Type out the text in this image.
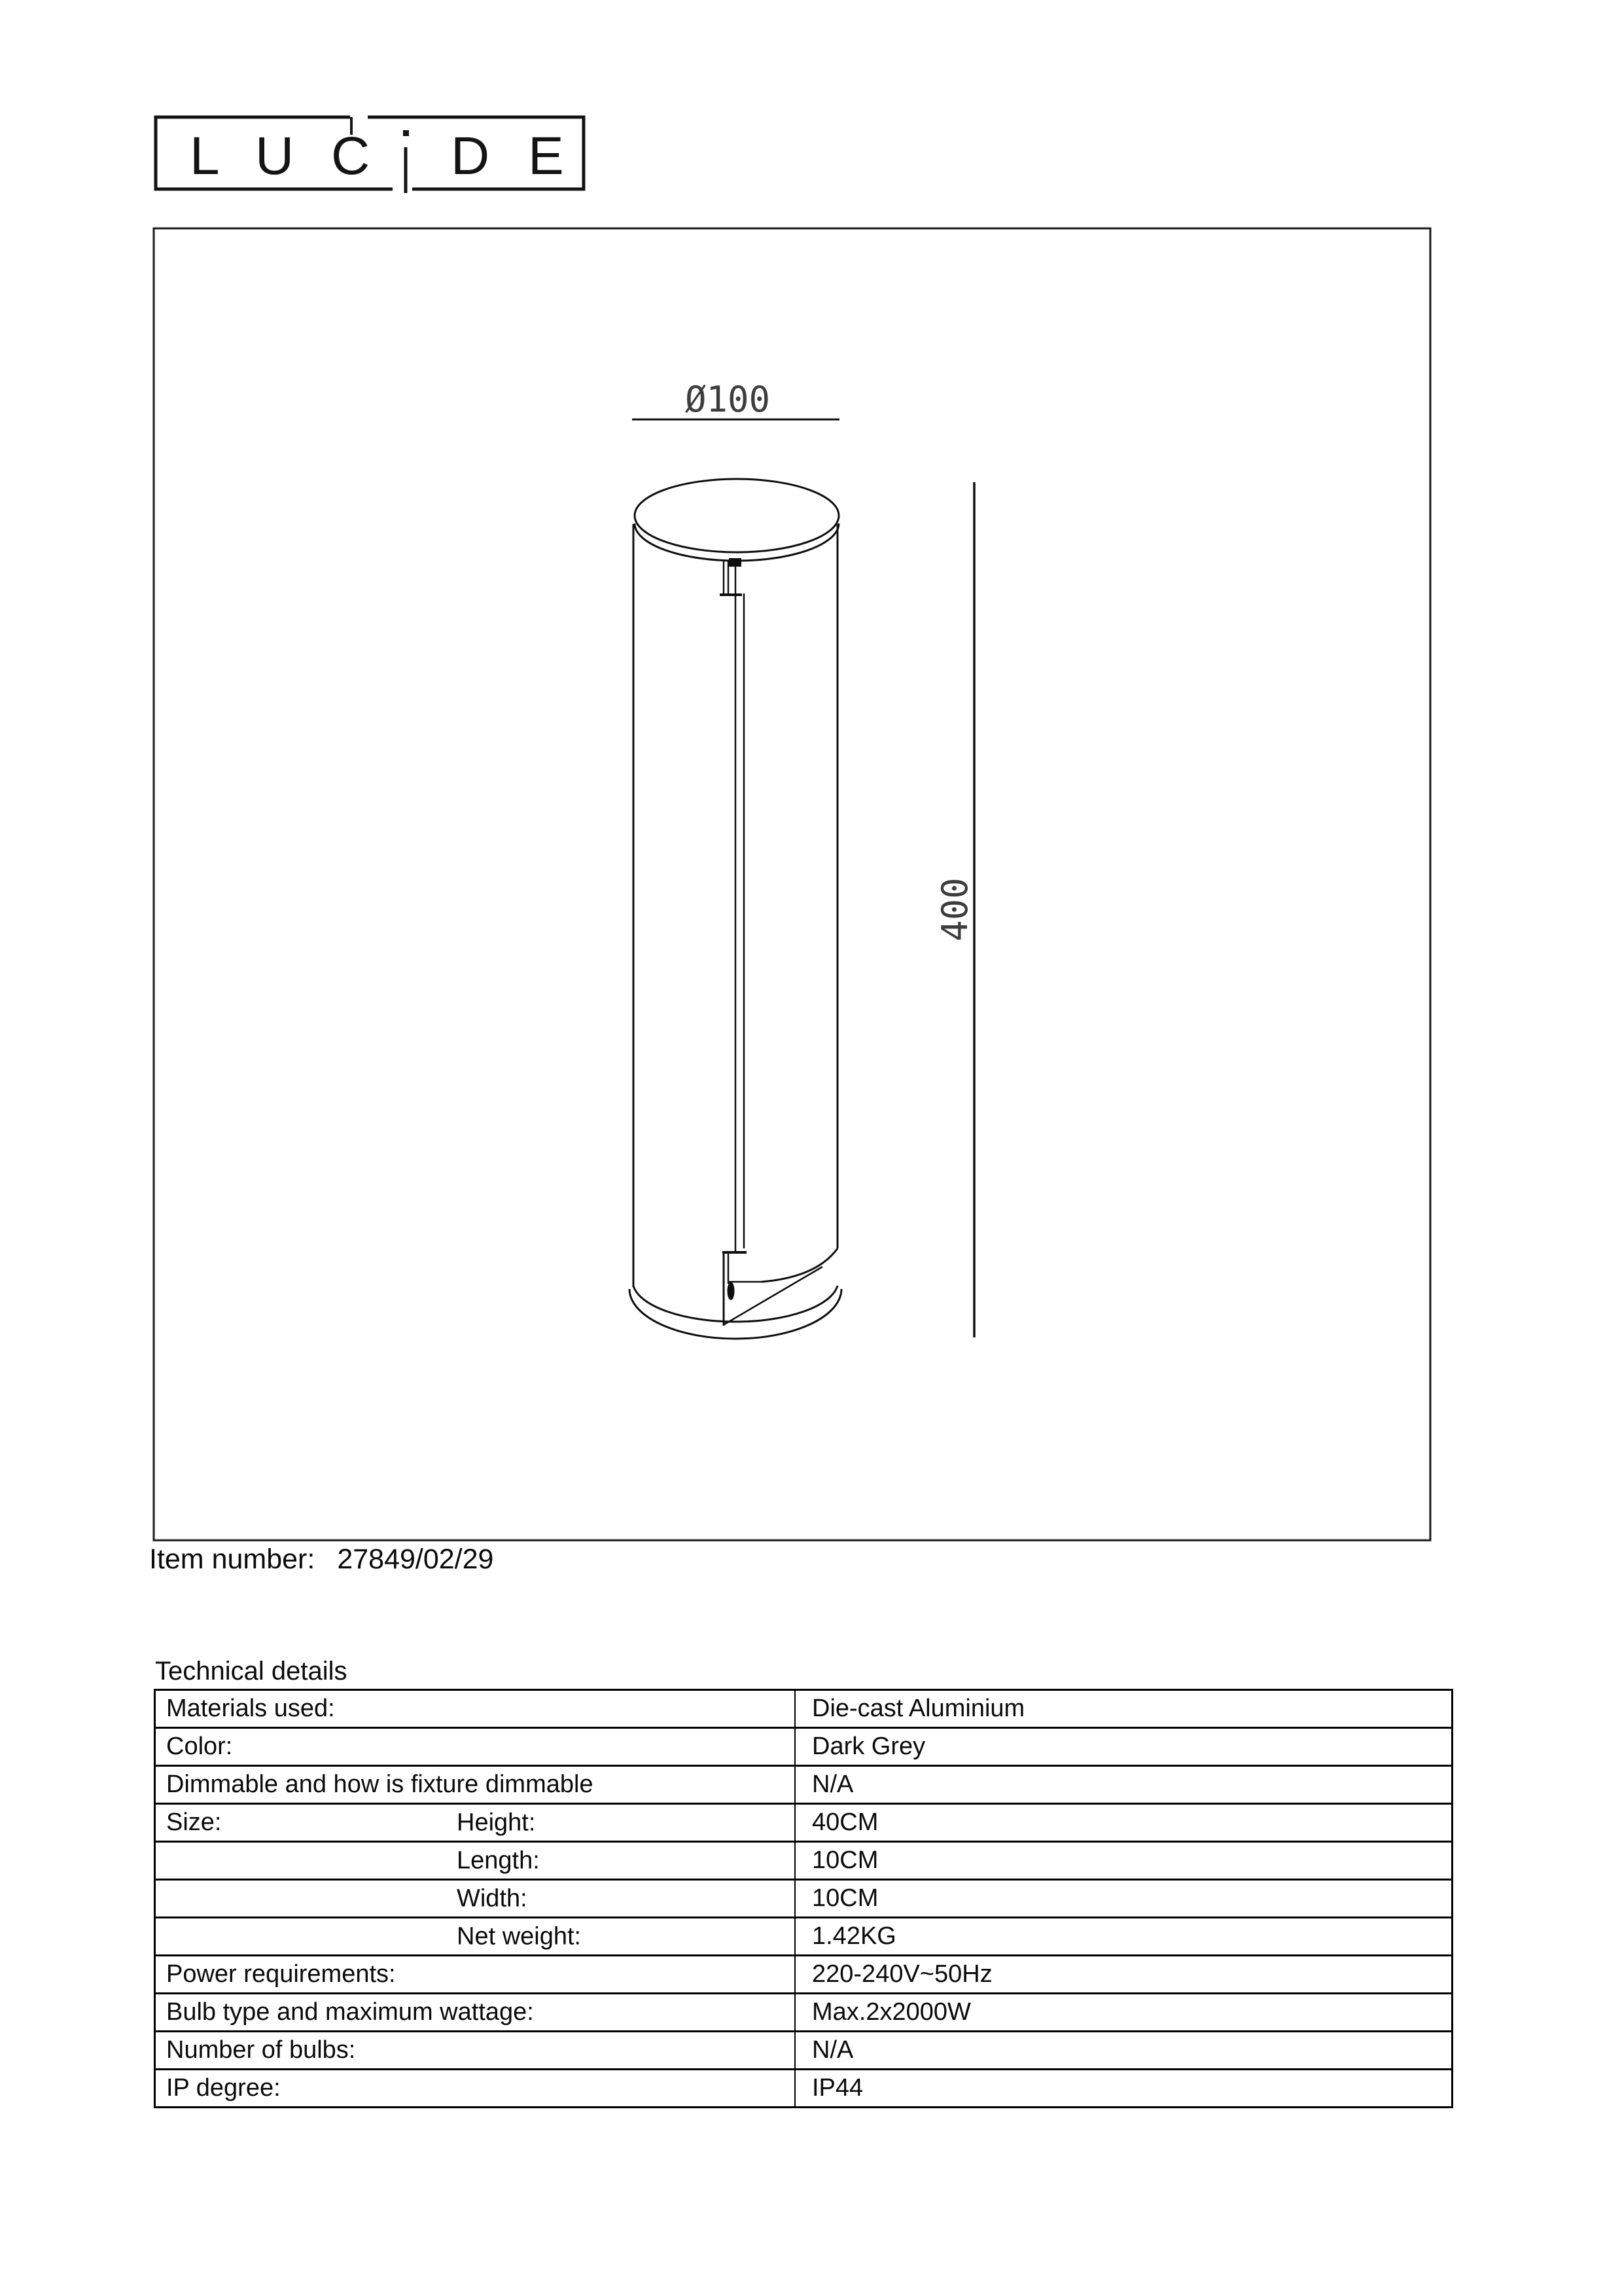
L U C D E
Ø100
400
Item number: 27849/02/29
Technical details
Materials used:	Die-cast Aluminium
Color:	Dark Grey
Dimmable and how is fixture dimmable	N/A
Size: Height:	40CM

Length:	10CM

Width:	10CM

Net weight:	1.42KG
Power requirements:	220-240V~50Hz
Bulb type and maximum wattage:	Max.2x2000W
Number of bulbs:	N/A
IP degree:	IP44
